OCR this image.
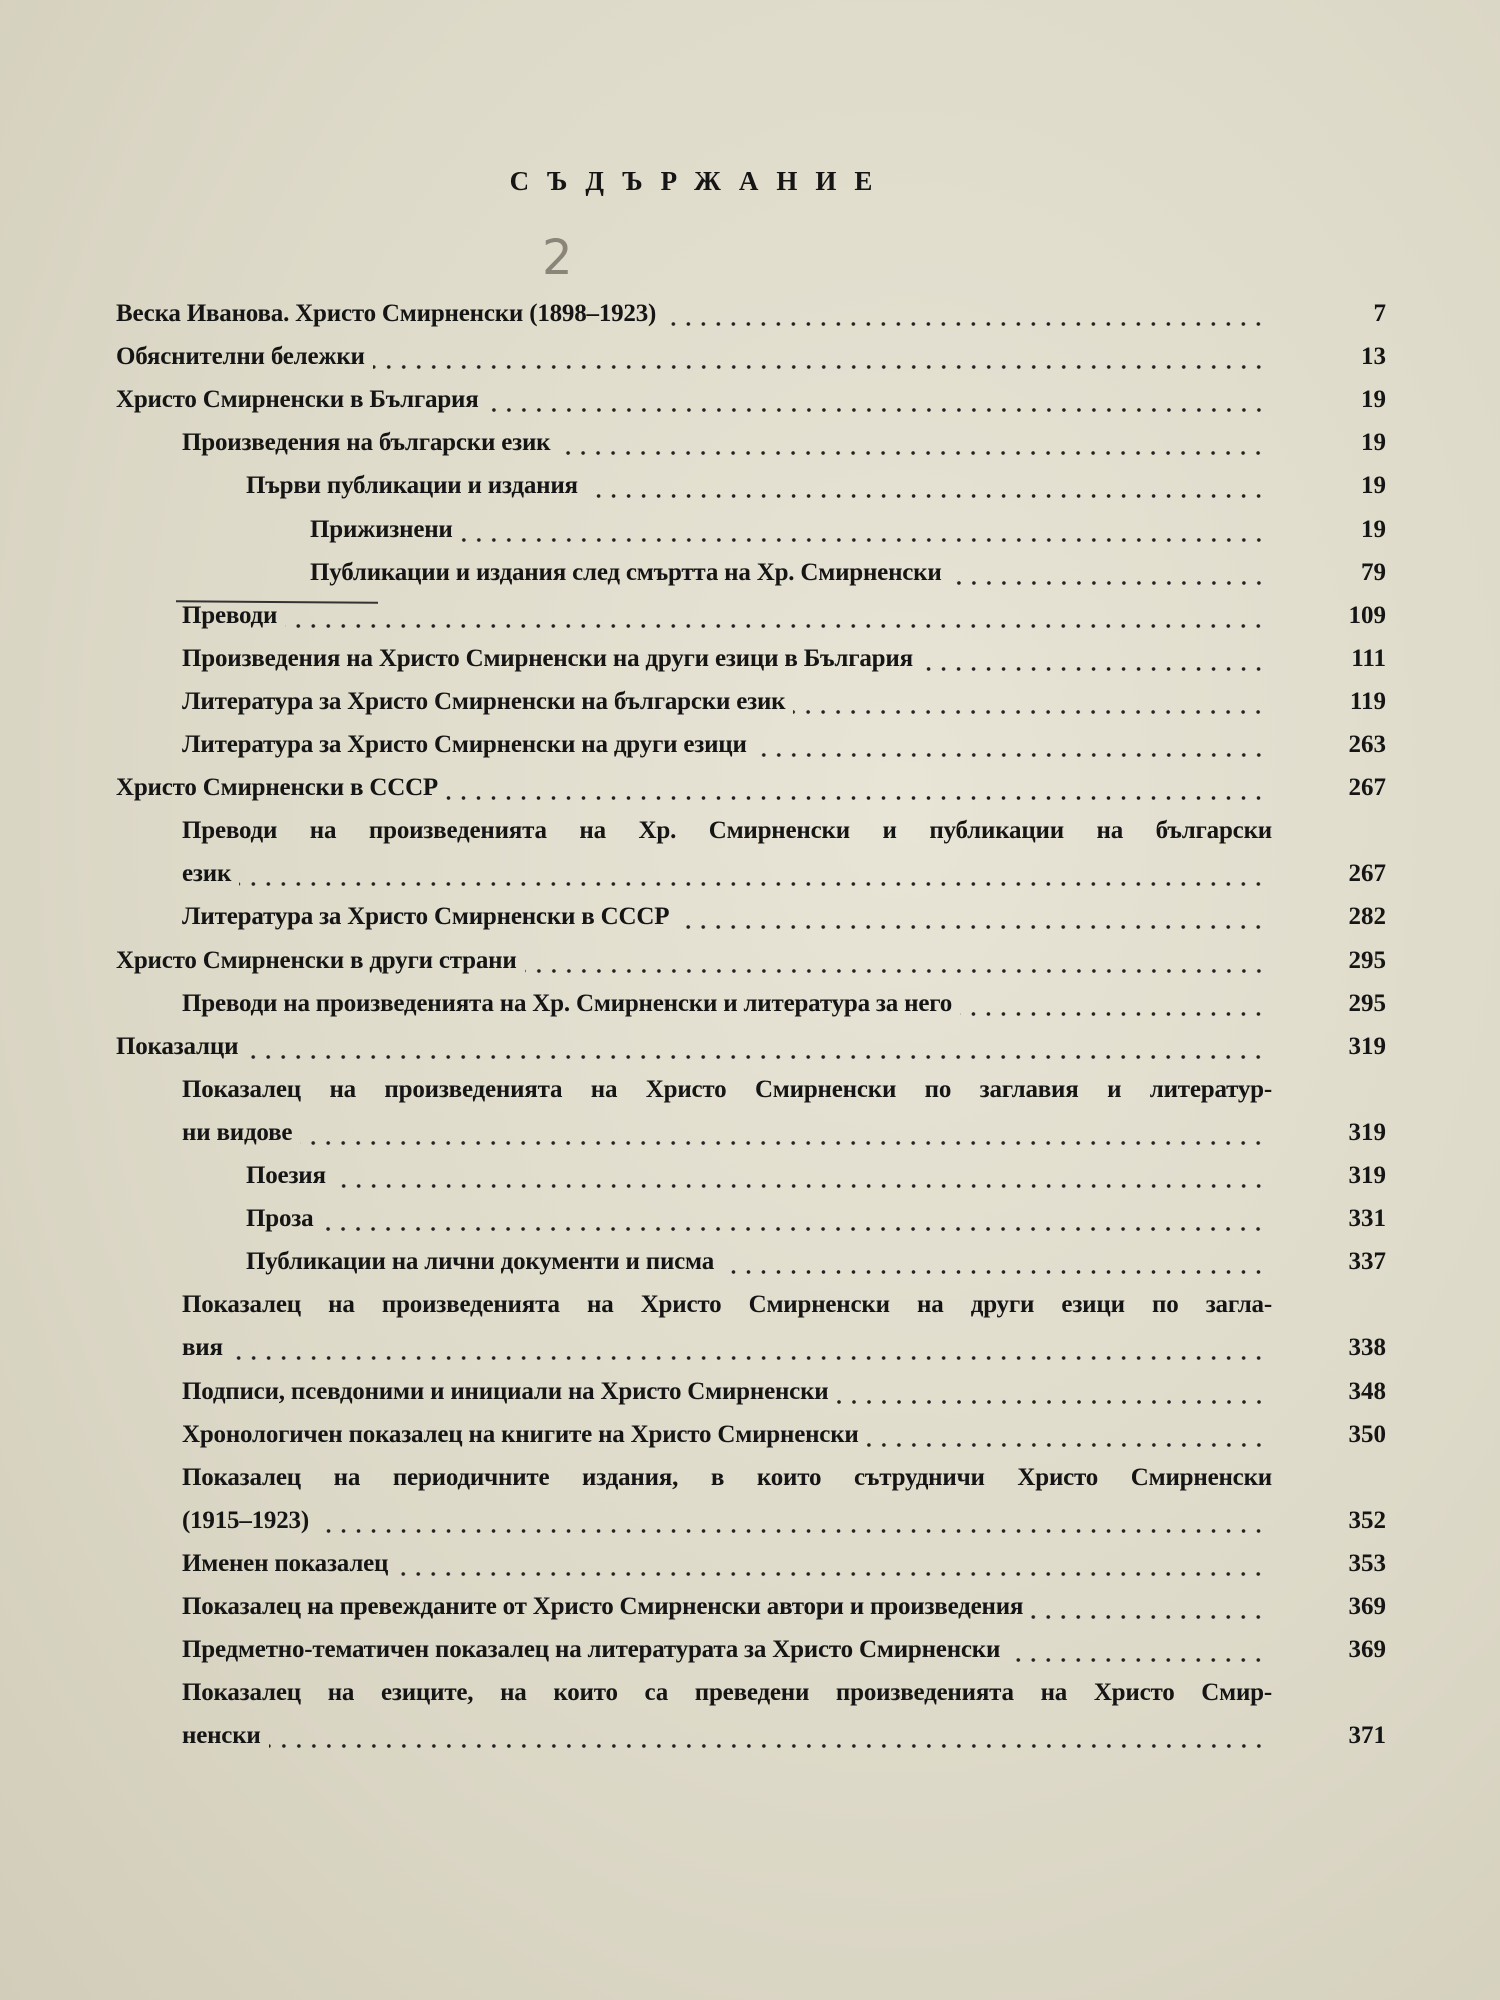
СЪДЪРЖАНИЕ
2
Веска Иванова. Христо Смирненски (1898–1923)	7
Обяснителни бележки	13
Христо Смирненски в България	19
Произведения на български език	19
Първи публикации и издания	19
Прижизнени	19
Публикации и издания след смъртта на Хр. Смирненски	79
Преводи	109
Произведения на Христо Смирненски на други езици в България	111
Литература за Христо Смирненски на български език	119
Литература за Христо Смирненски на други езици	263
Христо Смирненски в СССР	267
Преводи на произведенията на Хр. Смирненски и публикации на български
език	267
Литература за Христо Смирненски в СССР	282
Христо Смирненски в други страни	295
Преводи на произведенията на Хр. Смирненски и литература за него	295
Показалци	319
Показалец на произведенията на Христо Смирненски по заглавия и литератур-
ни видове	319
Поезия	319
Проза	331
Публикации на лични документи и писма	337
Показалец на произведенията на Христо Смирненски на други езици по загла-
вия	338
Подписи, псевдоними и инициали на Христо Смирненски	348
Хронологичен показалец на книгите на Христо Смирненски	350
Показалец на периодичните издания, в които сътрудничи Христо Смирненски
(1915–1923)	352
Именен показалец	353
Показалец на превежданите от Христо Смирненски автори и произведения	369
Предметно-тематичен показалец на литературата за Христо Смирненски	369
Показалец на езиците, на които са преведени произведенията на Христо Смир-
ненски	371
